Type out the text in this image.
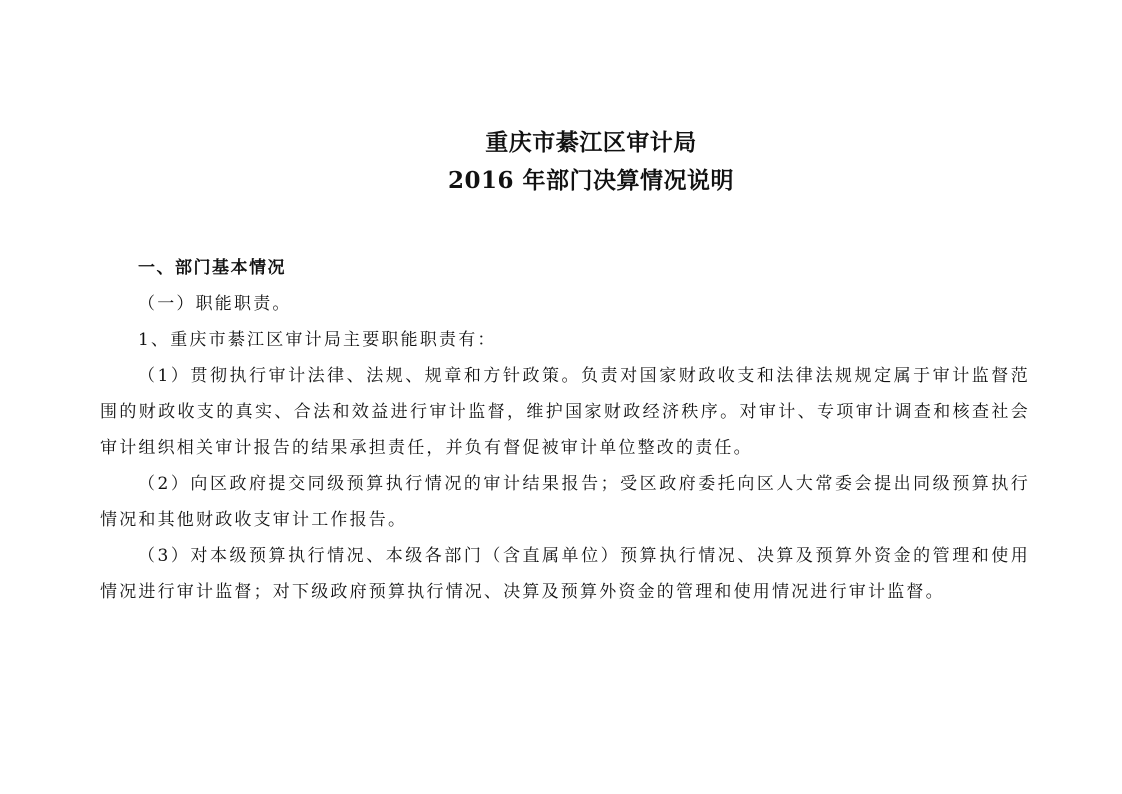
重庆市綦江区审计局
2016 年部门决算情况说明

一、部门基本情况

（一）职能职责。

1、重庆市綦江区审计局主要职能职责有：

（1）贯彻执行审计法律、法规、规章和方针政策。负责对国家财政收支和法律法规规定属于审计监督范围的财政收支的真实、合法和效益进行审计监督，维护国家财政经济秩序。对审计、专项审计调查和核查社会审计组织相关审计报告的结果承担责任，并负有督促被审计单位整改的责任。

（2）向区政府提交同级预算执行情况的审计结果报告；受区政府委托向区人大常委会提出同级预算执行情况和其他财政收支审计工作报告。

（3）对本级预算执行情况、本级各部门（含直属单位）预算执行情况、决算及预算外资金的管理和使用情况进行审计监督；对下级政府预算执行情况、决算及预算外资金的管理和使用情况进行审计监督。
